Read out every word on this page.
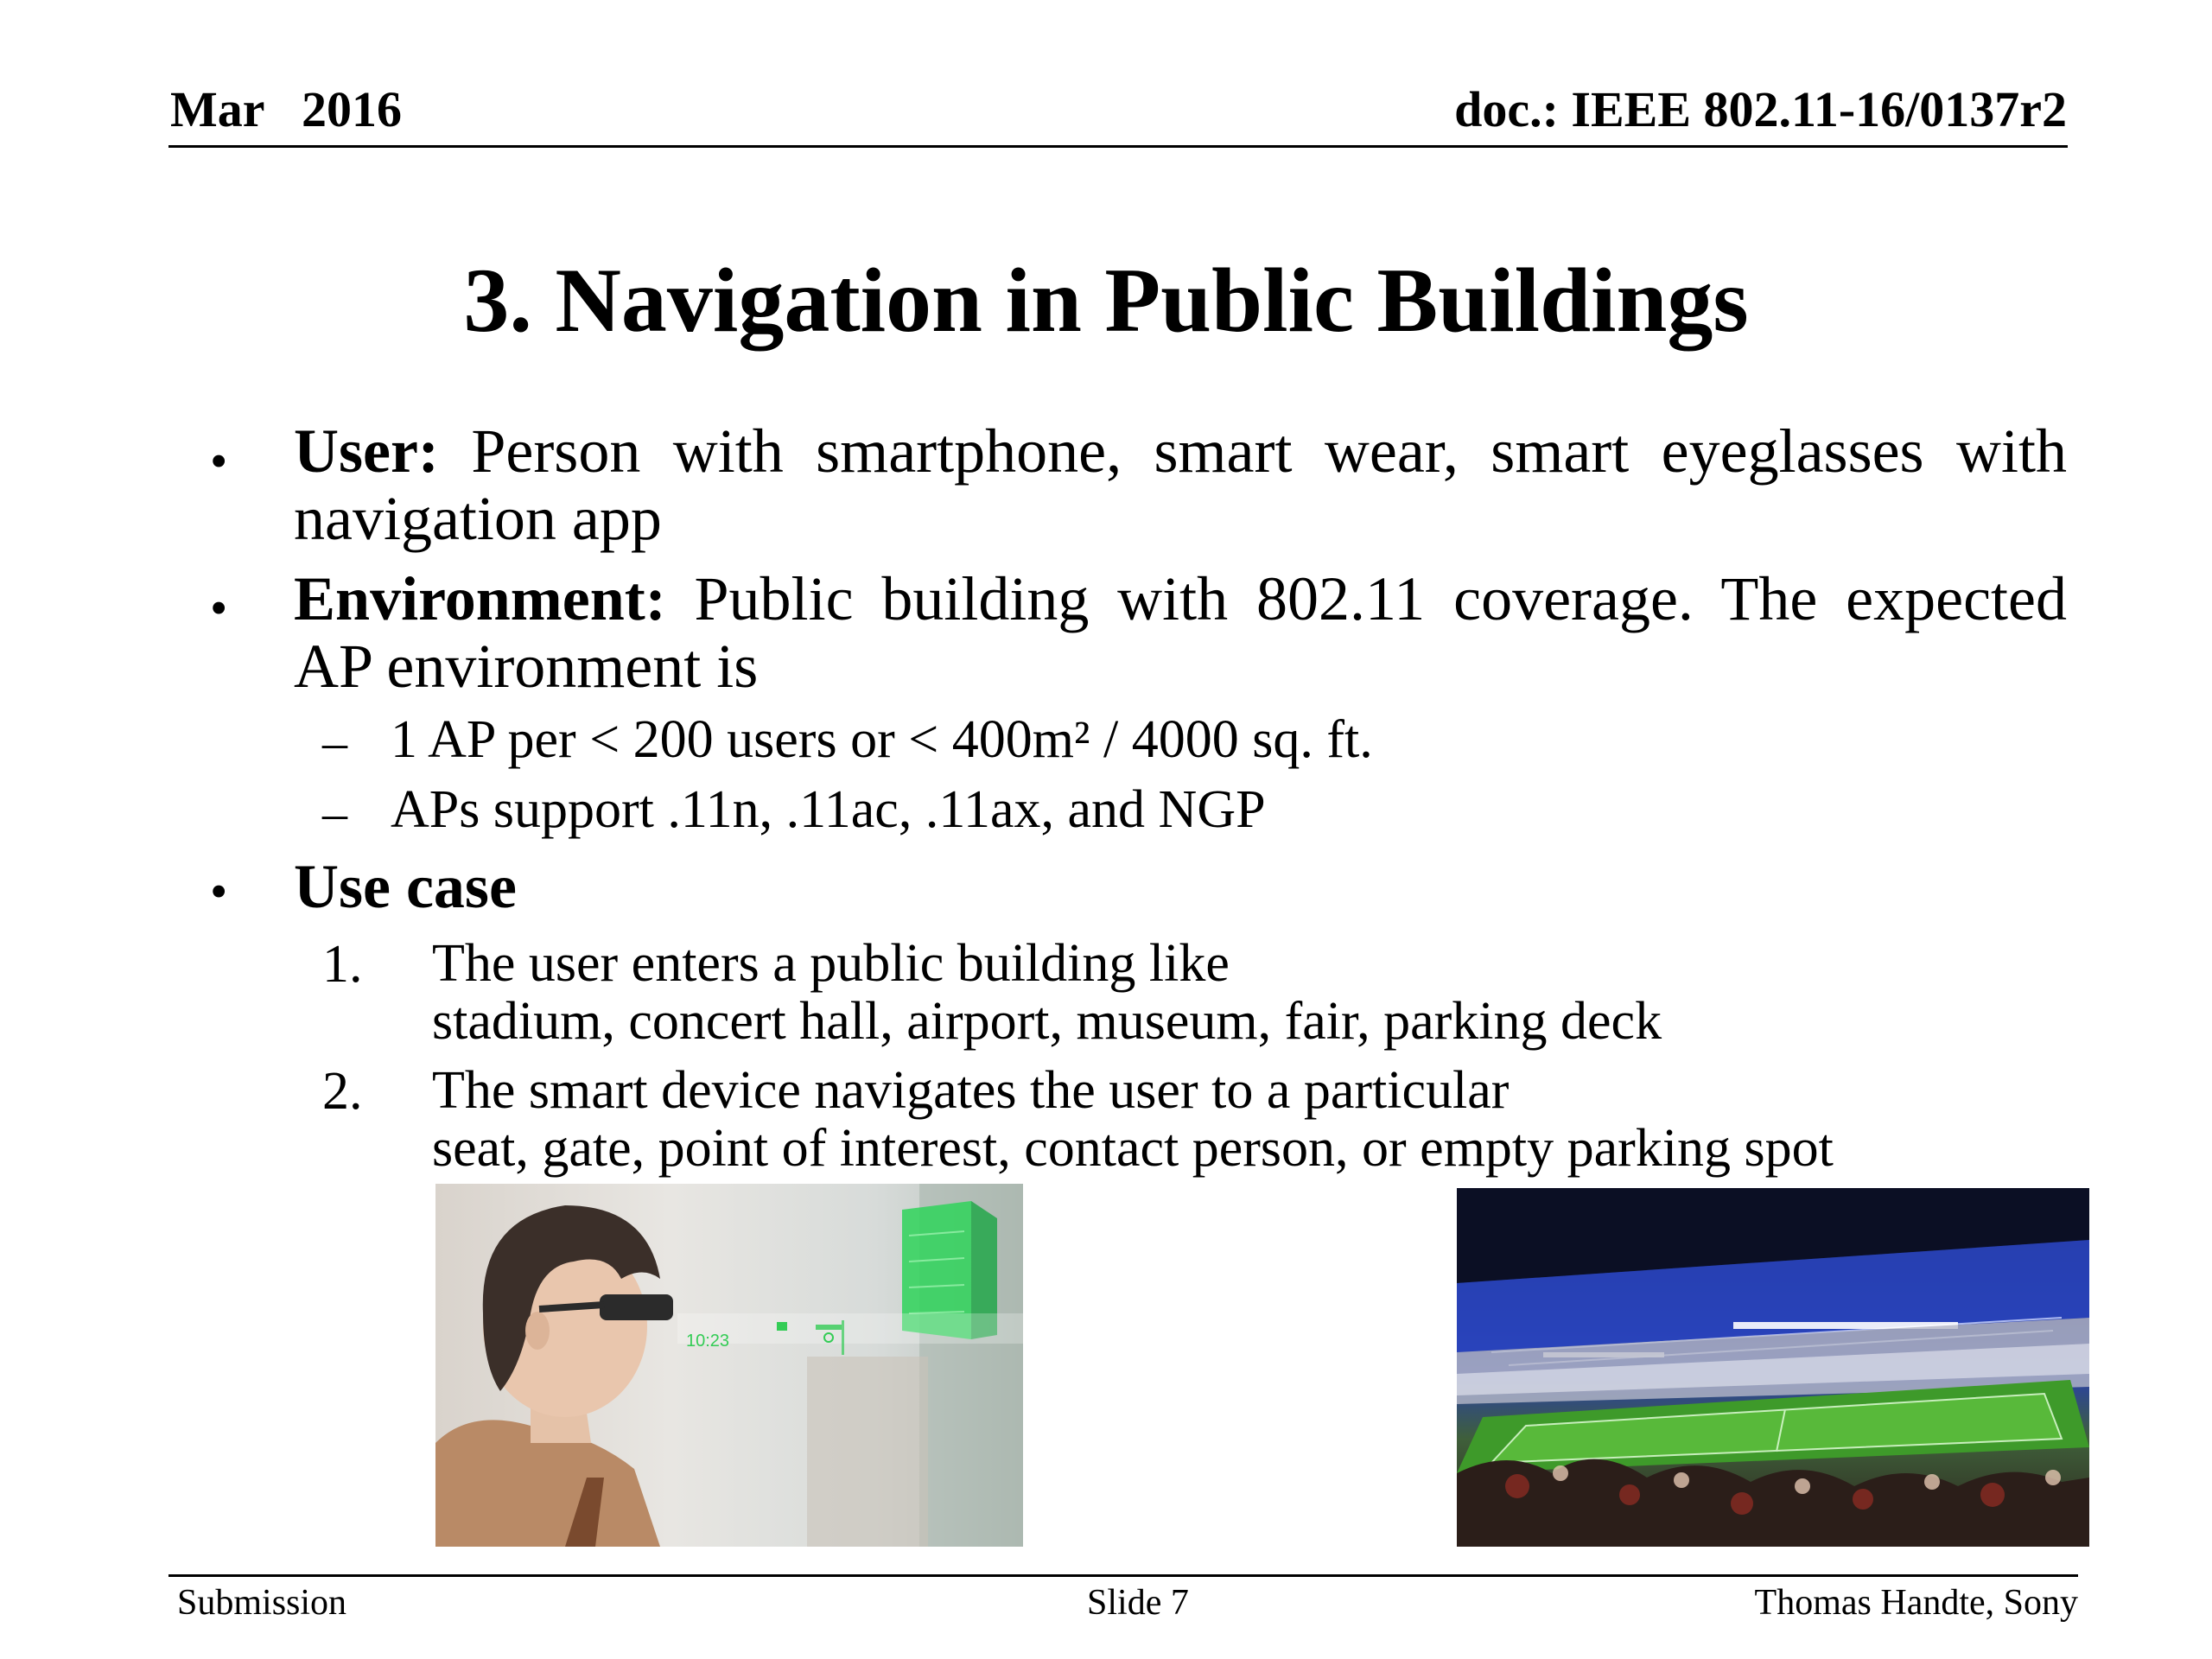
Mar   2016	doc.: IEEE 802.11-16/0137r2
3. Navigation in Public Buildings
• User: Person with smartphone, smart wear, smart eyeglasses with navigation app
• Environment: Public building with 802.11 coverage. The expected AP environment is
– 1 AP per < 200 users or < 400m² / 4000 sq. ft.
– APs support .11n, .11ac, .11ax, and NGP
• Use case
1. The user enters a public building like
stadium, concert hall, airport, museum, fair, parking deck
2. The smart device navigates the user to a particular
seat, gate, point of interest, contact person, or empty parking spot
10:23
Submission	Slide 7	Thomas Handte, Sony
